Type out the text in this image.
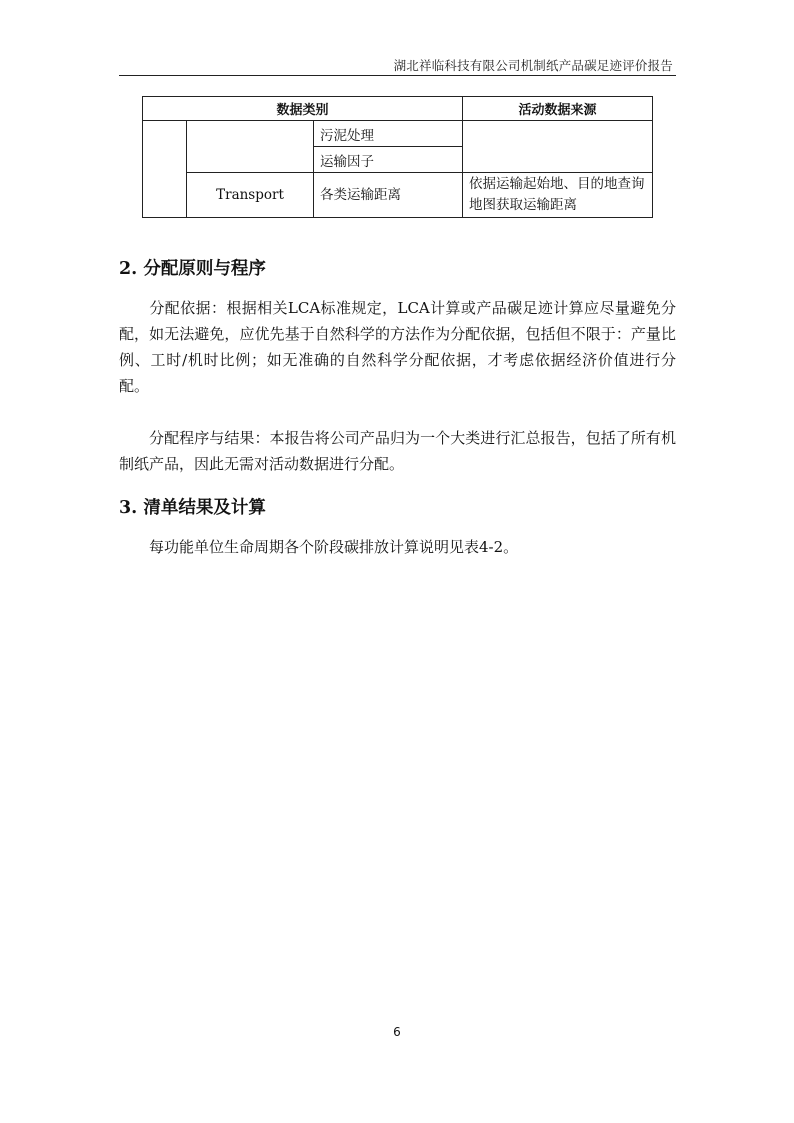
湖北祥临科技有限公司机制纸产品碳足迹评价报告
数据类别			活动数据来源
		污泥处理	
		运输因子	
	Transport	各类运输距离	依据运输起始地、目的地查询地图获取运输距离
2. 分配原则与程序

分配依据：根据相关LCA标准规定，LCA计算或产品碳足迹计算应尽量避免分配，如无法避免，应优先基于自然科学的方法作为分配依据，包括但不限于：产量比例、工时/机时比例；如无准确的自然科学分配依据，才考虑依据经济价值进行分配。

分配程序与结果：本报告将公司产品归为一个大类进行汇总报告，包括了所有机制纸产品，因此无需对活动数据进行分配。

3. 清单结果及计算

每功能单位生命周期各个阶段碳排放计算说明见表4-2。

6
